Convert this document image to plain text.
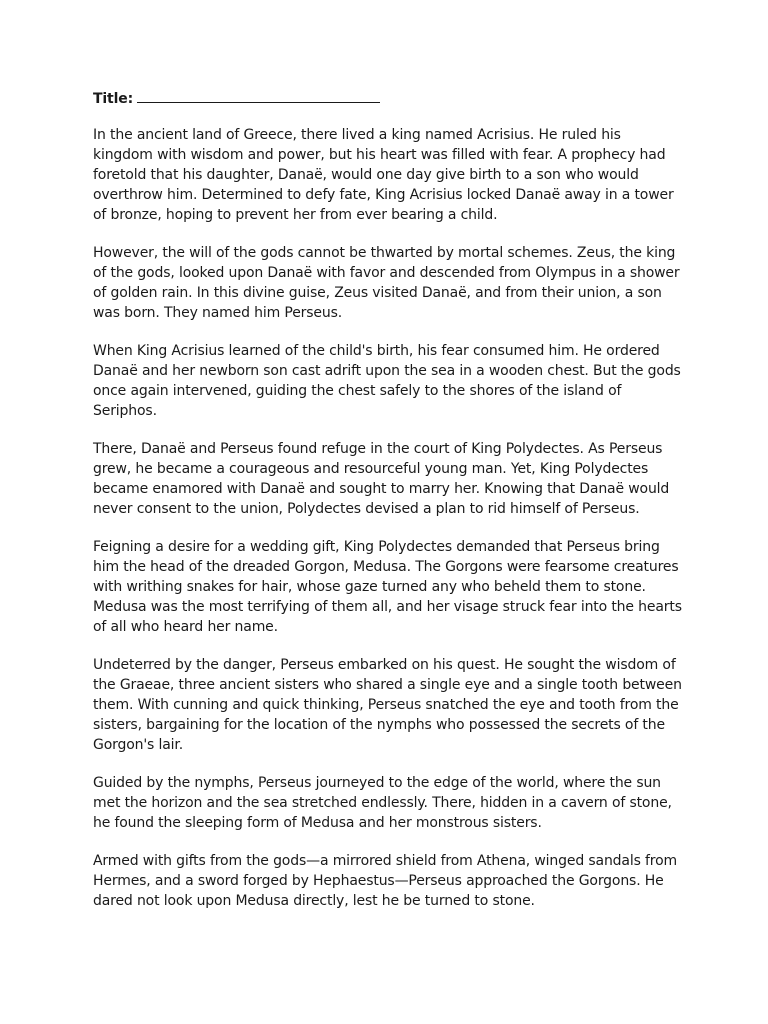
Title:

In the ancient land of Greece, there lived a king named Acrisius. He ruled his kingdom with wisdom and power, but his heart was filled with fear. A prophecy had foretold that his daughter, Danaë, would one day give birth to a son who would overthrow him. Determined to defy fate, King Acrisius locked Danaë away in a tower of bronze, hoping to prevent her from ever bearing a child.

However, the will of the gods cannot be thwarted by mortal schemes. Zeus, the king of the gods, looked upon Danaë with favor and descended from Olympus in a shower of golden rain. In this divine guise, Zeus visited Danaë, and from their union, a son was born. They named him Perseus.

When King Acrisius learned of the child's birth, his fear consumed him. He ordered Danaë and her newborn son cast adrift upon the sea in a wooden chest. But the gods once again intervened, guiding the chest safely to the shores of the island of Seriphos.

There, Danaë and Perseus found refuge in the court of King Polydectes. As Perseus grew, he became a courageous and resourceful young man. Yet, King Polydectes became enamored with Danaë and sought to marry her. Knowing that Danaë would never consent to the union, Polydectes devised a plan to rid himself of Perseus.

Feigning a desire for a wedding gift, King Polydectes demanded that Perseus bring him the head of the dreaded Gorgon, Medusa. The Gorgons were fearsome creatures with writhing snakes for hair, whose gaze turned any who beheld them to stone. Medusa was the most terrifying of them all, and her visage struck fear into the hearts of all who heard her name.

Undeterred by the danger, Perseus embarked on his quest. He sought the wisdom of the Graeae, three ancient sisters who shared a single eye and a single tooth between them. With cunning and quick thinking, Perseus snatched the eye and tooth from the sisters, bargaining for the location of the nymphs who possessed the secrets of the Gorgon's lair.

Guided by the nymphs, Perseus journeyed to the edge of the world, where the sun met the horizon and the sea stretched endlessly. There, hidden in a cavern of stone, he found the sleeping form of Medusa and her monstrous sisters.

Armed with gifts from the gods—a mirrored shield from Athena, winged sandals from Hermes, and a sword forged by Hephaestus—Perseus approached the Gorgons. He dared not look upon Medusa directly, lest he be turned to stone.
